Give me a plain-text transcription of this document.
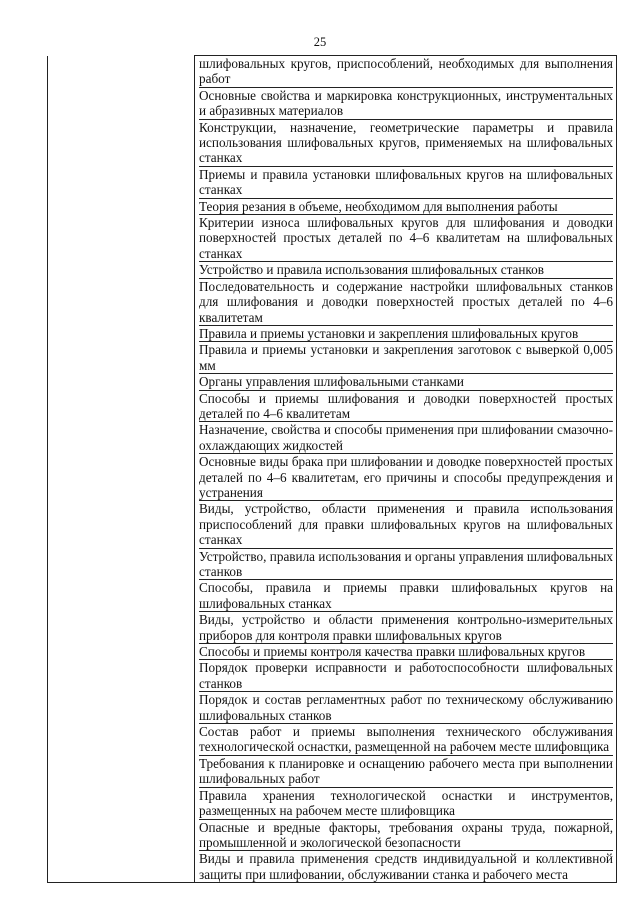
25

шлифовальных кругов, приспособлений, необходимых для выполнения работ
Основные свойства и маркировка конструкционных, инструментальных и абразивных материалов
Конструкции, назначение, геометрические параметры и правила использования шлифовальных кругов, применяемых на шлифовальных станках
Приемы и правила установки шлифовальных кругов на шлифовальных станках
Теория резания в объеме, необходимом для выполнения работы
Критерии износа шлифовальных кругов для шлифования и доводки поверхностей простых деталей по 4–6 квалитетам на шлифовальных станках
Устройство и правила использования шлифовальных станков
Последовательность и содержание настройки шлифовальных станков для шлифования и доводки поверхностей простых деталей по 4–6 квалитетам
Правила и приемы установки и закрепления шлифовальных кругов
Правила и приемы установки и закрепления заготовок с выверкой 0,005 мм
Органы управления шлифовальными станками
Способы и приемы шлифования и доводки поверхностей простых деталей по 4–6 квалитетам
Назначение, свойства и способы применения при шлифовании смазочно-охлаждающих жидкостей
Основные виды брака при шлифовании и доводке поверхностей простых деталей по 4–6 квалитетам, его причины и способы предупреждения и устранения
Виды, устройство, области применения и правила использования приспособлений для правки шлифовальных кругов на шлифовальных станках
Устройство, правила использования и органы управления шлифовальных станков
Способы, правила и приемы правки шлифовальных кругов на шлифовальных станках
Виды, устройство и области применения контрольно-измерительных приборов для контроля правки шлифовальных кругов
Способы и приемы контроля качества правки шлифовальных кругов
Порядок проверки исправности и работоспособности шлифовальных станков
Порядок и состав регламентных работ по техническому обслуживанию шлифовальных станков
Состав работ и приемы выполнения технического обслуживания технологической оснастки, размещенной на рабочем месте шлифовщика
Требования к планировке и оснащению рабочего места при выполнении шлифовальных работ
Правила хранения технологической оснастки и инструментов, размещенных на рабочем месте шлифовщика
Опасные и вредные факторы, требования охраны труда, пожарной, промышленной и экологической безопасности
Виды и правила применения средств индивидуальной и коллективной защиты при шлифовании, обслуживании станка и рабочего места
